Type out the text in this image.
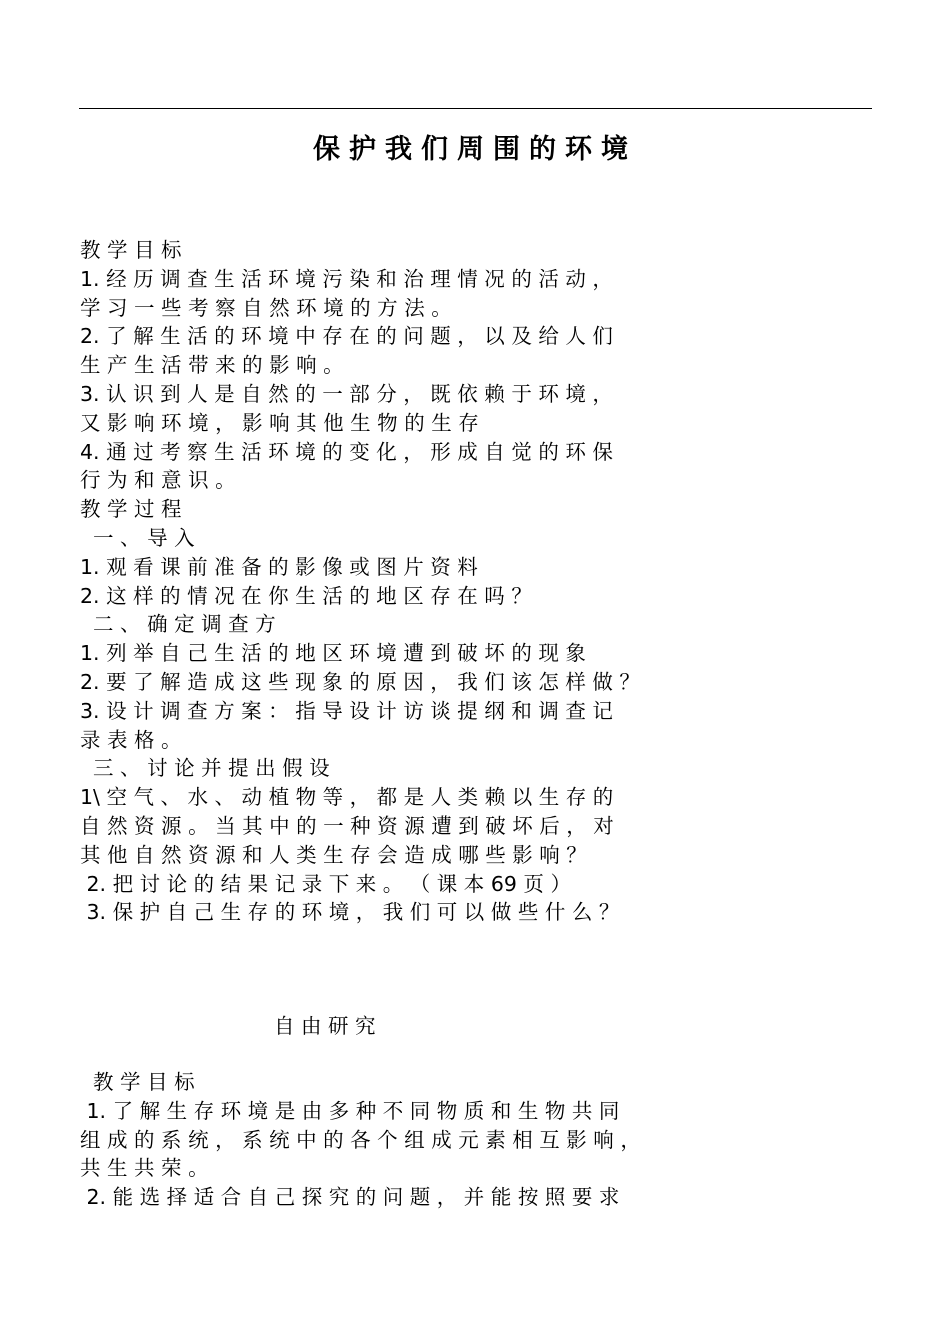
保护我们周围的环境
教 学 目 标
1. 经 历 调 查 生 活 环 境 污 染 和 治 理 情 况 的 活 动 ，
学 习 一 些 考 察 自 然 环 境 的 方 法 。
2. 了 解 生 活 的 环 境 中 存 在 的 问 题 ， 以 及 给 人 们
生 产 生 活 带 来 的 影 响 。
3. 认 识 到 人 是 自 然 的 一 部 分 ， 既 依 赖 于 环 境 ，
又 影 响 环 境 ， 影 响 其 他 生 物 的 生 存
4. 通 过 考 察 生 活 环 境 的 变 化 ， 形 成 自 觉 的 环 保
行 为 和 意 识 。
教 学 过 程
一 、 导 入
1. 观 看 课 前 准 备 的 影 像 或 图 片 资 料
2. 这 样 的 情 况 在 你 生 活 的 地 区 存 在 吗 ？
二 、 确 定 调 查 方
1. 列 举 自 己 生 活 的 地 区 环 境 遭 到 破 坏 的 现 象
2. 要 了 解 造 成 这 些 现 象 的 原 因 ， 我 们 该 怎 样 做 ？
3. 设 计 调 查 方 案 ： 指 导 设 计 访 谈 提 纲 和 调 查 记
录 表 格 。
三 、 讨 论 并 提 出 假 设
1\ 空 气 、 水 、 动 植 物 等 ， 都 是 人 类 赖 以 生 存 的
自 然 资 源 。 当 其 中 的 一 种 资 源 遭 到 破 坏 后 ， 对
其 他 自 然 资 源 和 人 类 生 存 会 造 成 哪 些 影 响 ？
2. 把 讨 论 的 结 果 记 录 下 来 。 （ 课 本 69 页 ）
3. 保 护 自 己 生 存 的 环 境 ， 我 们 可 以 做 些 什 么 ？
自 由 研 究
教 学 目 标
1. 了 解 生 存 环 境 是 由 多 种 不 同 物 质 和 生 物 共 同
组 成 的 系 统 ， 系 统 中 的 各 个 组 成 元 素 相 互 影 响 ，
共 生 共 荣 。
2. 能 选 择 适 合 自 己 探 究 的 问 题 ， 并 能 按 照 要 求
